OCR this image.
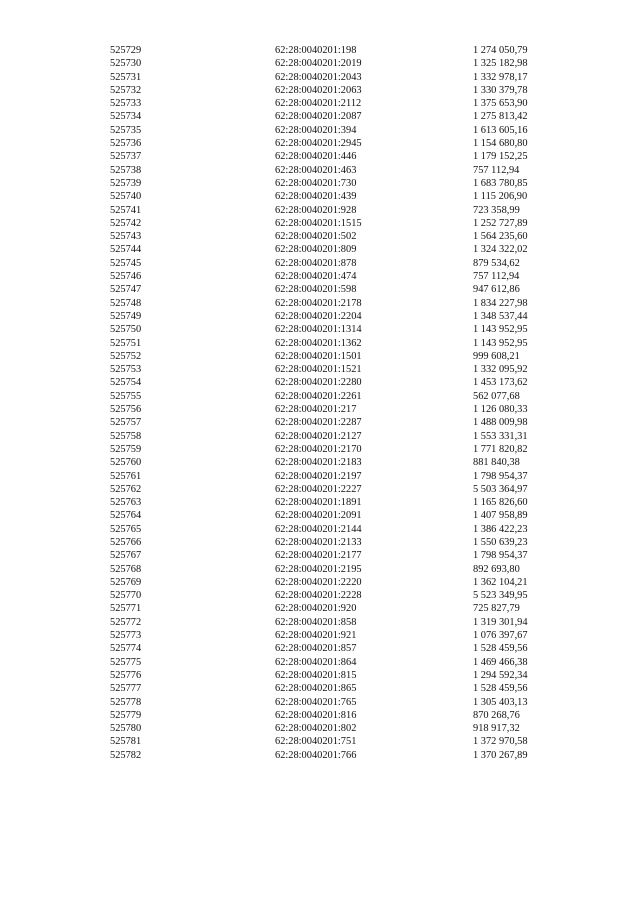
525729	62:28:0040201:198	1 274 050,79
525730	62:28:0040201:2019	1 325 182,98
525731	62:28:0040201:2043	1 332 978,17
525732	62:28:0040201:2063	1 330 379,78
525733	62:28:0040201:2112	1 375 653,90
525734	62:28:0040201:2087	1 275 813,42
525735	62:28:0040201:394	1 613 605,16
525736	62:28:0040201:2945	1 154 680,80
525737	62:28:0040201:446	1 179 152,25
525738	62:28:0040201:463	757 112,94
525739	62:28:0040201:730	1 683 780,85
525740	62:28:0040201:439	1 115 206,90
525741	62:28:0040201:928	723 358,99
525742	62:28:0040201:1515	1 252 727,89
525743	62:28:0040201:502	1 564 235,60
525744	62:28:0040201:809	1 324 322,02
525745	62:28:0040201:878	879 534,62
525746	62:28:0040201:474	757 112,94
525747	62:28:0040201:598	947 612,86
525748	62:28:0040201:2178	1 834 227,98
525749	62:28:0040201:2204	1 348 537,44
525750	62:28:0040201:1314	1 143 952,95
525751	62:28:0040201:1362	1 143 952,95
525752	62:28:0040201:1501	999 608,21
525753	62:28:0040201:1521	1 332 095,92
525754	62:28:0040201:2280	1 453 173,62
525755	62:28:0040201:2261	562 077,68
525756	62:28:0040201:217	1 126 080,33
525757	62:28:0040201:2287	1 488 009,98
525758	62:28:0040201:2127	1 553 331,31
525759	62:28:0040201:2170	1 771 820,82
525760	62:28:0040201:2183	881 840,38
525761	62:28:0040201:2197	1 798 954,37
525762	62:28:0040201:2227	5 503 364,97
525763	62:28:0040201:1891	1 165 826,60
525764	62:28:0040201:2091	1 407 958,89
525765	62:28:0040201:2144	1 386 422,23
525766	62:28:0040201:2133	1 550 639,23
525767	62:28:0040201:2177	1 798 954,37
525768	62:28:0040201:2195	892 693,80
525769	62:28:0040201:2220	1 362 104,21
525770	62:28:0040201:2228	5 523 349,95
525771	62:28:0040201:920	725 827,79
525772	62:28:0040201:858	1 319 301,94
525773	62:28:0040201:921	1 076 397,67
525774	62:28:0040201:857	1 528 459,56
525775	62:28:0040201:864	1 469 466,38
525776	62:28:0040201:815	1 294 592,34
525777	62:28:0040201:865	1 528 459,56
525778	62:28:0040201:765	1 305 403,13
525779	62:28:0040201:816	870 268,76
525780	62:28:0040201:802	918 917,32
525781	62:28:0040201:751	1 372 970,58
525782	62:28:0040201:766	1 370 267,89
